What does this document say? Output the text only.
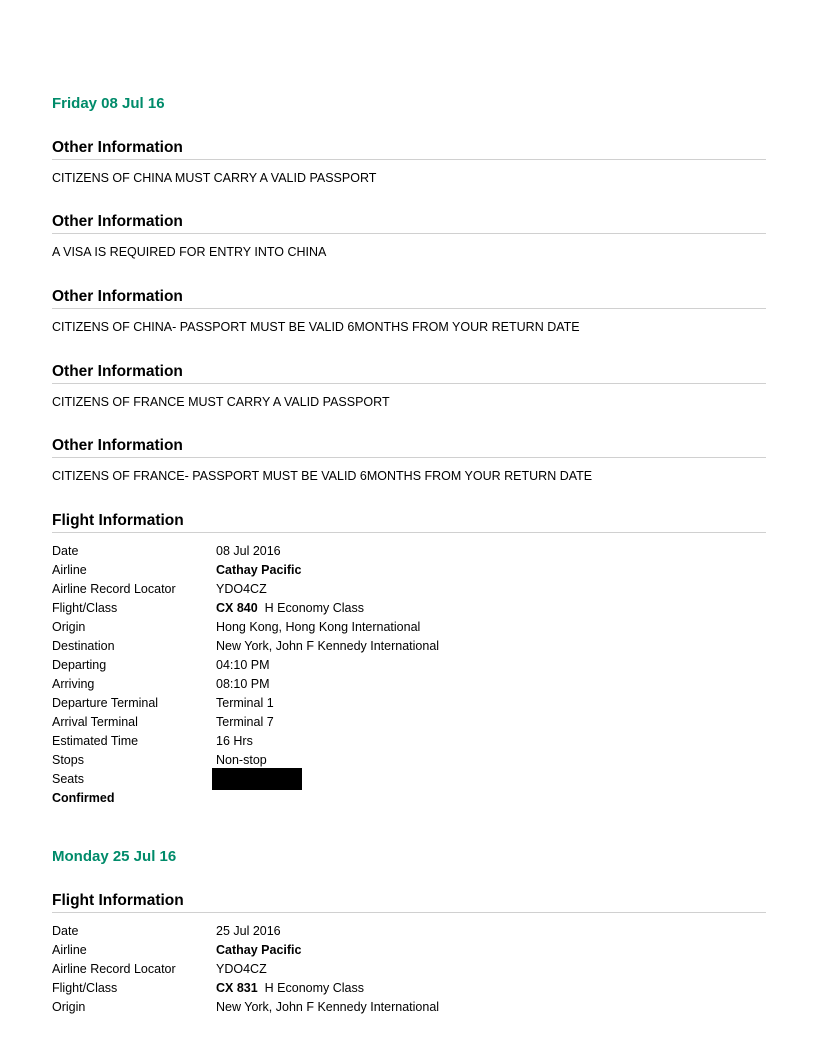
Friday 08 Jul 16
Other Information
CITIZENS OF CHINA MUST CARRY A VALID PASSPORT
Other Information
A VISA IS REQUIRED FOR ENTRY INTO CHINA
Other Information
CITIZENS OF CHINA- PASSPORT MUST BE VALID 6MONTHS FROM YOUR RETURN DATE
Other Information
CITIZENS OF FRANCE MUST CARRY A VALID PASSPORT
Other Information
CITIZENS OF FRANCE- PASSPORT MUST BE VALID 6MONTHS FROM YOUR RETURN DATE
Flight Information
Date	08 Jul 2016
Airline	Cathay Pacific
Airline Record Locator	YDO4CZ
Flight/Class	CX 840 H Economy Class
Origin	Hong Kong, Hong Kong International
Destination	New York, John F Kennedy International
Departing	04:10 PM
Arriving	08:10 PM
Departure Terminal	Terminal 1
Arrival Terminal	Terminal 7
Estimated Time	16 Hrs
Stops	Non-stop
Seats
Confirmed
Monday 25 Jul 16
Flight Information
Date	25 Jul 2016
Airline	Cathay Pacific
Airline Record Locator	YDO4CZ
Flight/Class	CX 831 H Economy Class
Origin	New York, John F Kennedy International
